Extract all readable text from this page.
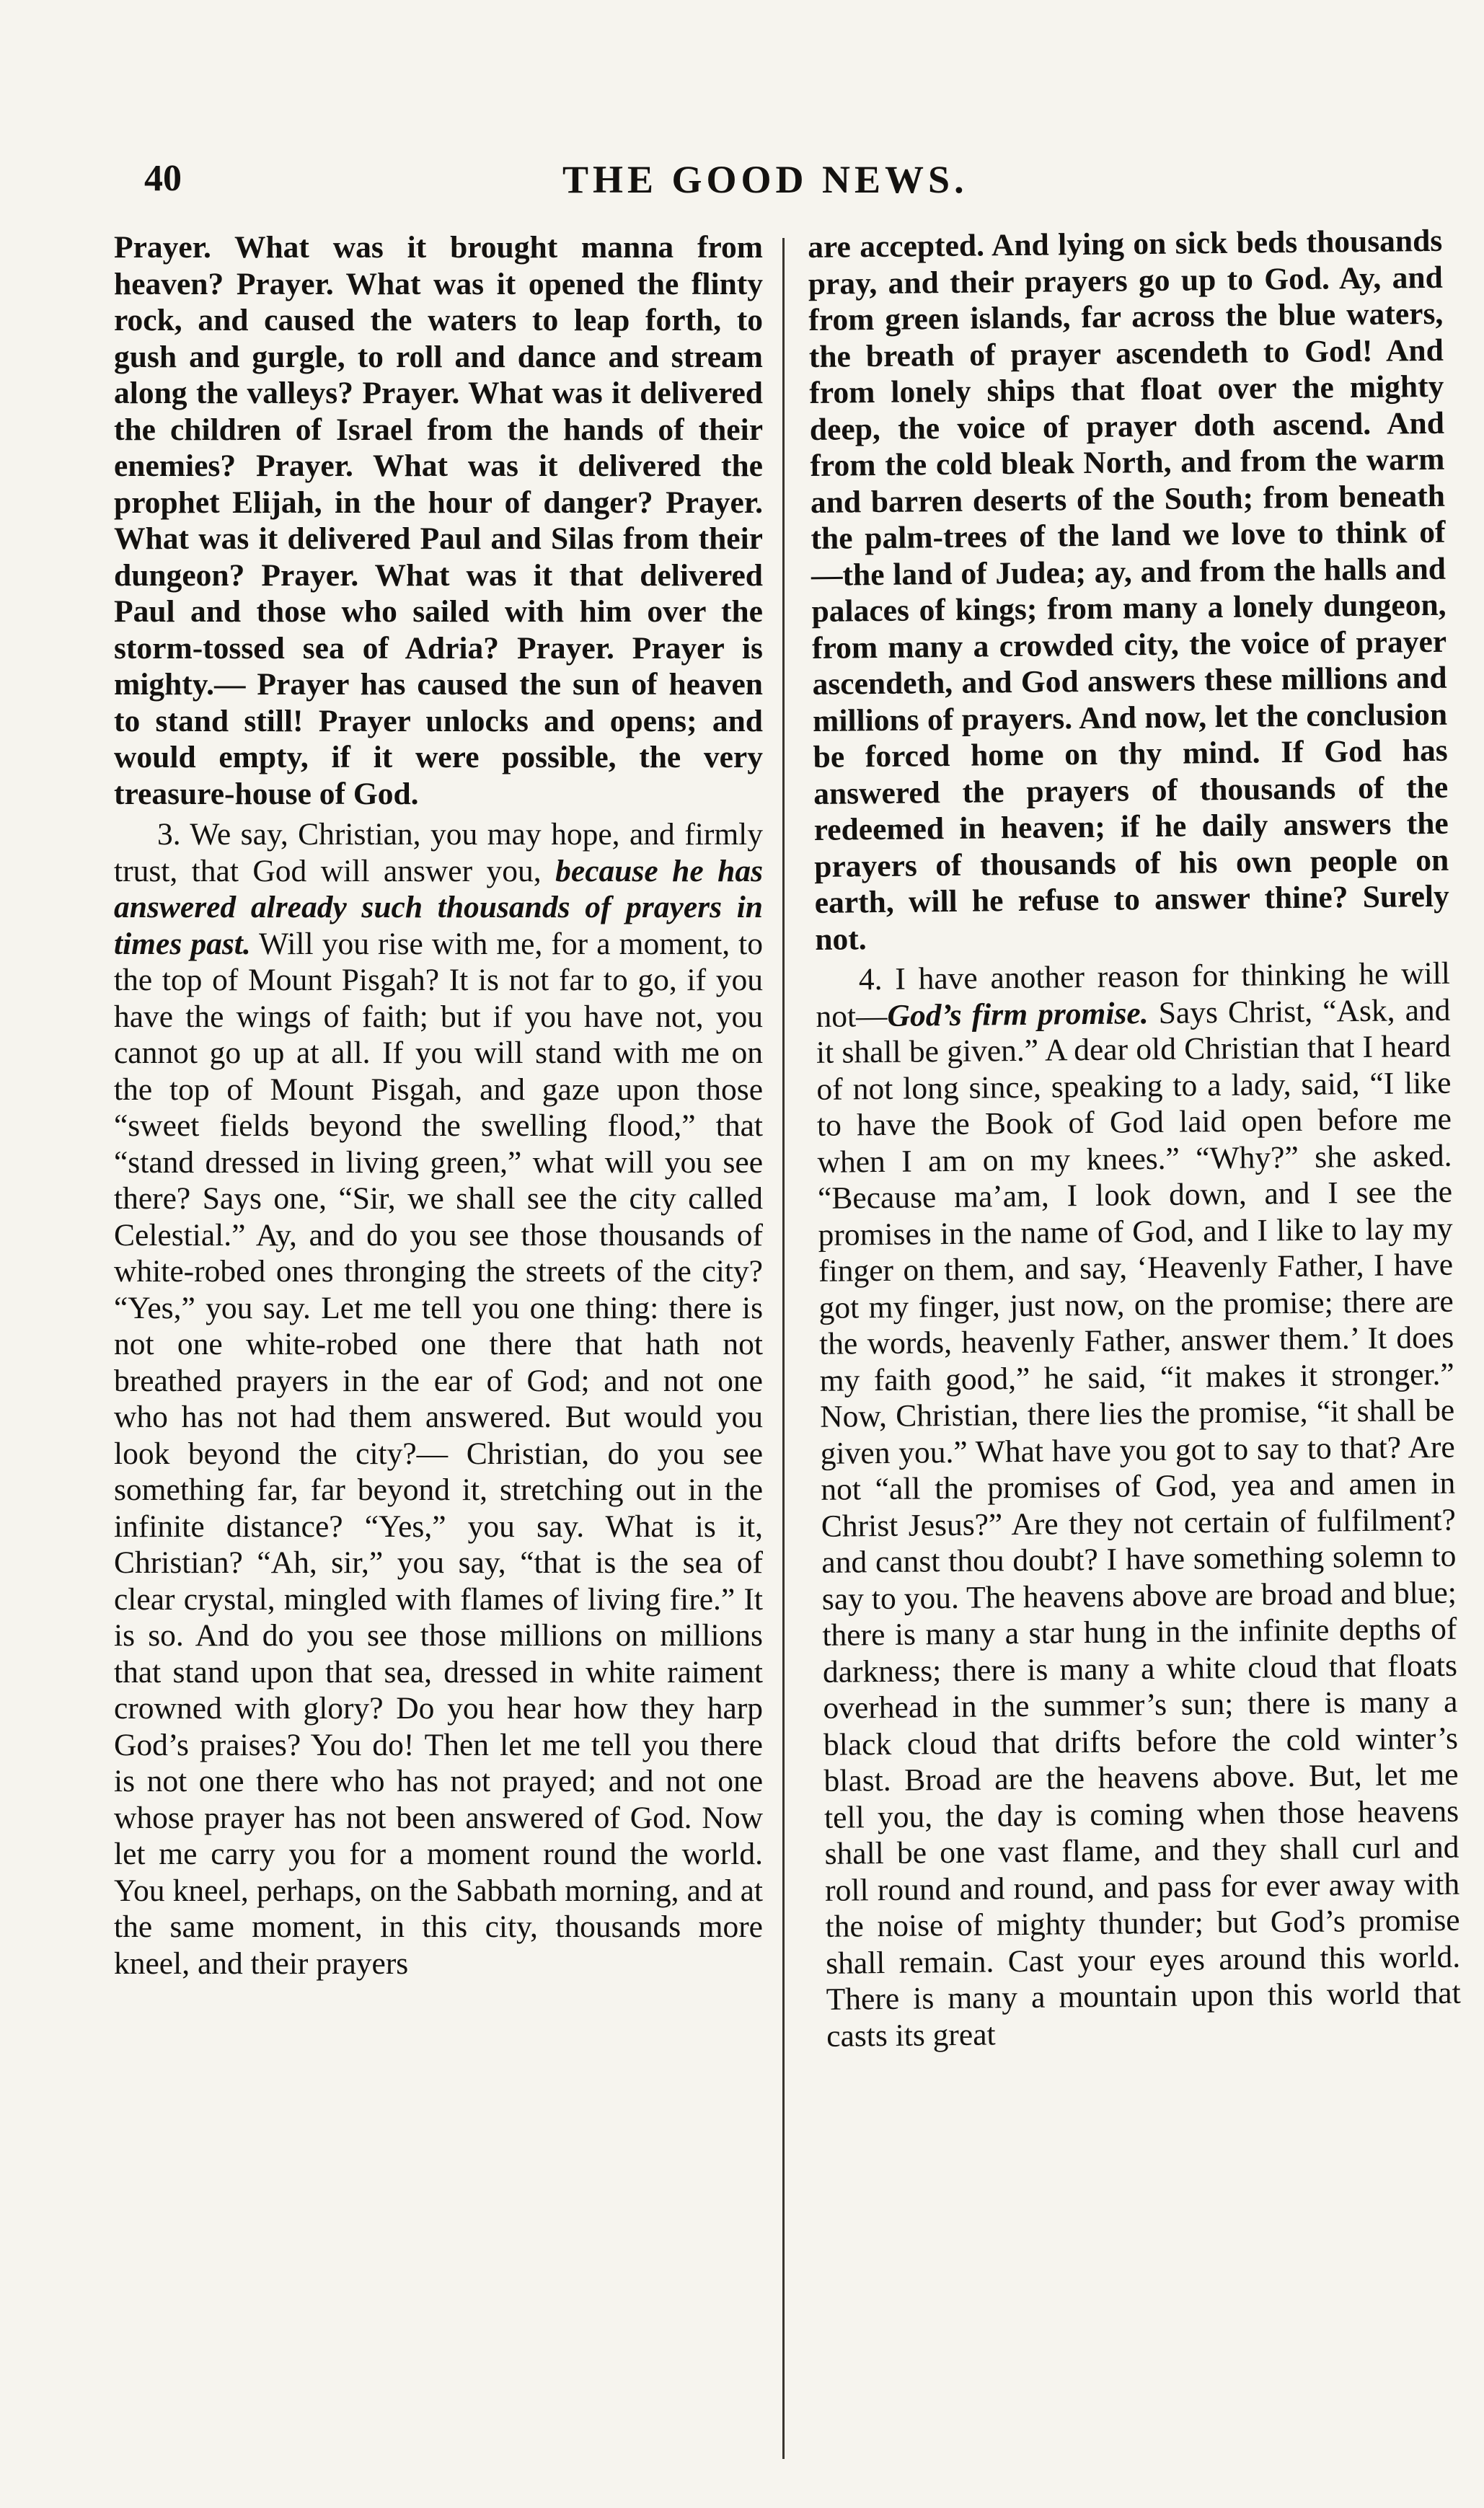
40	THE GOOD NEWS.

Prayer. What was it brought manna from heaven? Prayer. What was it opened the flinty rock, and caused the waters to leap forth, to gush and gurgle, to roll and dance and stream along the valleys? Prayer. What was it delivered the children of Israel from the hands of their enemies? Prayer. What was it delivered the prophet Elijah, in the hour of danger? Prayer. What was it delivered Paul and Silas from their dungeon? Prayer. What was it that delivered Paul and those who sailed with him over the storm-tossed sea of Adria? Prayer. Prayer is mighty.— Prayer has caused the sun of heaven to stand still! Prayer unlocks and opens; and would empty, if it were possible, the very treasure-house of God.

3. We say, Christian, you may hope, and firmly trust, that God will answer you, because he has answered already such thousands of prayers in times past. Will you rise with me, for a moment, to the top of Mount Pisgah? It is not far to go, if you have the wings of faith; but if you have not, you cannot go up at all. If you will stand with me on the top of Mount Pisgah, and gaze upon those “sweet fields beyond the swelling flood,” that “stand dressed in living green,” what will you see there? Says one, “Sir, we shall see the city called Celestial.” Ay, and do you see those thousands of white-robed ones thronging the streets of the city? “Yes,” you say. Let me tell you one thing: there is not one white-robed one there that hath not breathed prayers in the ear of God; and not one who has not had them answered. But would you look beyond the city?— Christian, do you see something far, far beyond it, stretching out in the infinite distance? “Yes,” you say. What is it, Christian? “Ah, sir,” you say, “that is the sea of clear crystal, mingled with flames of living fire.” It is so. And do you see those millions on millions that stand upon that sea, dressed in white raiment crowned with glory? Do you hear how they harp God’s praises? You do! Then let me tell you there is not one there who has not prayed; and not one whose prayer has not been answered of God. Now let me carry you for a moment round the world. You kneel, perhaps, on the Sabbath morning, and at the same moment, in this city, thousands more kneel, and their prayers

are accepted. And lying on sick beds thousands pray, and their prayers go up to God. Ay, and from green islands, far across the blue waters, the breath of prayer ascendeth to God! And from lonely ships that float over the mighty deep, the voice of prayer doth ascend. And from the cold bleak North, and from the warm and barren deserts of the South; from beneath the palm-trees of the land we love to think of —the land of Judea; ay, and from the halls and palaces of kings; from many a lonely dungeon, from many a crowded city, the voice of prayer ascendeth, and God answers these millions and millions of prayers. And now, let the conclusion be forced home on thy mind. If God has answered the prayers of thousands of the redeemed in heaven; if he daily answers the prayers of thousands of his own people on earth, will he refuse to answer thine? Surely not.

4. I have another reason for thinking he will not—God’s firm promise. Says Christ, “Ask, and it shall be given.” A dear old Christian that I heard of not long since, speaking to a lady, said, “I like to have the Book of God laid open before me when I am on my knees.” “Why?” she asked. “Because ma’am, I look down, and I see the promises in the name of God, and I like to lay my finger on them, and say, ‘Heavenly Father, I have got my finger, just now, on the promise; there are the words, heavenly Father, answer them.’ It does my faith good,” he said, “it makes it stronger.” Now, Christian, there lies the promise, “it shall be given you.” What have you got to say to that? Are not “all the promises of God, yea and amen in Christ Jesus?” Are they not certain of fulfilment? and canst thou doubt? I have something solemn to say to you. The heavens above are broad and blue; there is many a star hung in the infinite depths of darkness; there is many a white cloud that floats overhead in the summer’s sun; there is many a black cloud that drifts before the cold winter’s blast. Broad are the heavens above. But, let me tell you, the day is coming when those heavens shall be one vast flame, and they shall curl and roll round and round, and pass for ever away with the noise of mighty thunder; but God’s promise shall remain. Cast your eyes around this world. There is many a mountain upon this world that casts its great
